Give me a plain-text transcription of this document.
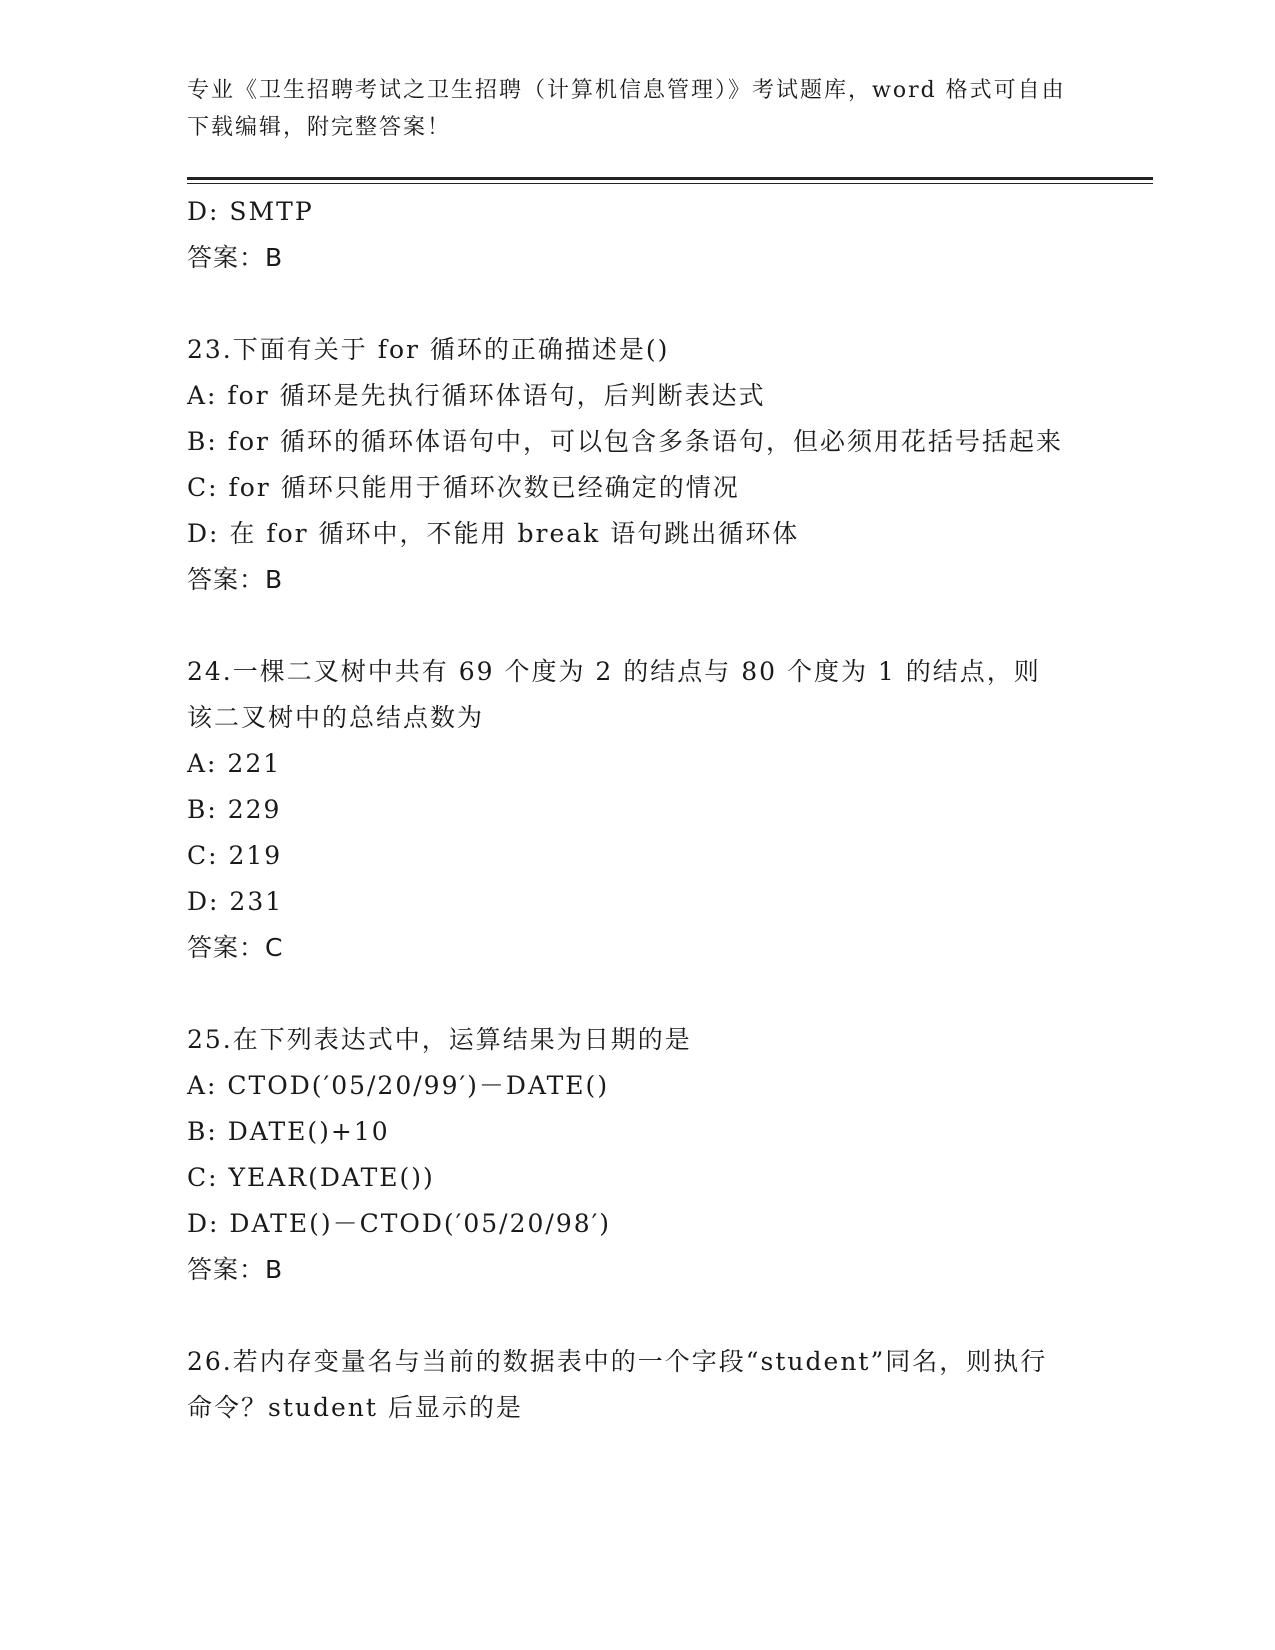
专业《卫生招聘考试之卫生招聘（计算机信息管理）》考试题库，word 格式可自由下载编辑，附完整答案！
D: SMTP
答案：B
23.下面有关于 for 循环的正确描述是()
A: for 循环是先执行循环体语句，后判断表达式
B: for 循环的循环体语句中，可以包含多条语句，但必须用花括号括起来
C: for 循环只能用于循环次数已经确定的情况
D: 在 for 循环中，不能用 break 语句跳出循环体
答案：B
24.一棵二叉树中共有 69 个度为 2 的结点与 80 个度为 1 的结点，则该二叉树中的总结点数为
A: 221
B: 229
C: 219
D: 231
答案：C
25.在下列表达式中，运算结果为日期的是
A: CTOD(′05/20/99′)－DATE()
B: DATE()+10
C: YEAR(DATE())
D: DATE()－CTOD(′05/20/98′)
答案：B
26.若内存变量名与当前的数据表中的一个字段“student”同名，则执行命令？student 后显示的是
